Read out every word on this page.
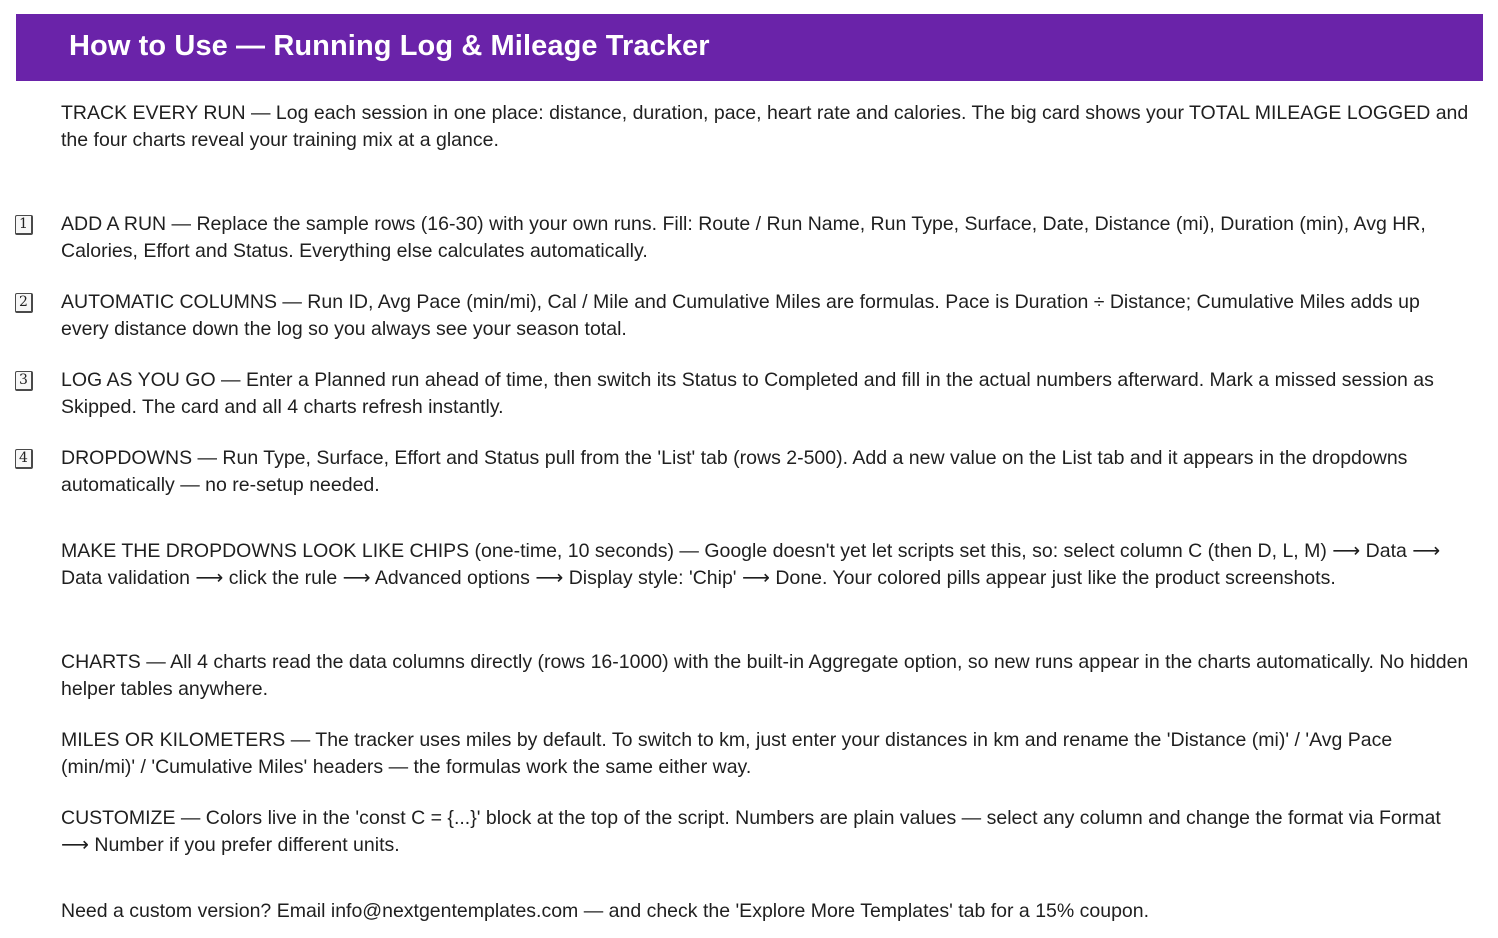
How to Use — Running Log & Mileage Tracker

TRACK EVERY RUN — Log each session in one place: distance, duration, pace, heart rate and calories. The big card shows your TOTAL MILEAGE LOGGED and the four charts reveal your training mix at a glance.

1 ADD A RUN — Replace the sample rows (16-30) with your own runs. Fill: Route / Run Name, Run Type, Surface, Date, Distance (mi), Duration (min), Avg HR, Calories, Effort and Status. Everything else calculates automatically.

2 AUTOMATIC COLUMNS — Run ID, Avg Pace (min/mi), Cal / Mile and Cumulative Miles are formulas. Pace is Duration ÷ Distance; Cumulative Miles adds up every distance down the log so you always see your season total.

3 LOG AS YOU GO — Enter a Planned run ahead of time, then switch its Status to Completed and fill in the actual numbers afterward. Mark a missed session as Skipped. The card and all 4 charts refresh instantly.

4 DROPDOWNS — Run Type, Surface, Effort and Status pull from the 'List' tab (rows 2-500). Add a new value on the List tab and it appears in the dropdowns automatically — no re-setup needed.

MAKE THE DROPDOWNS LOOK LIKE CHIPS (one-time, 10 seconds) — Google doesn't yet let scripts set this, so: select column C (then D, L, M) ⟶ Data ⟶ Data validation ⟶ click the rule ⟶ Advanced options ⟶ Display style: 'Chip' ⟶ Done. Your colored pills appear just like the product screenshots.

CHARTS — All 4 charts read the data columns directly (rows 16-1000) with the built-in Aggregate option, so new runs appear in the charts automatically. No hidden helper tables anywhere.

MILES OR KILOMETERS — The tracker uses miles by default. To switch to km, just enter your distances in km and rename the 'Distance (mi)' / 'Avg Pace (min/mi)' / 'Cumulative Miles' headers — the formulas work the same either way.

CUSTOMIZE — Colors live in the 'const C = {...}' block at the top of the script. Numbers are plain values — select any column and change the format via Format ⟶ Number if you prefer different units.

Need a custom version? Email info@nextgentemplates.com — and check the 'Explore More Templates' tab for a 15% coupon.
